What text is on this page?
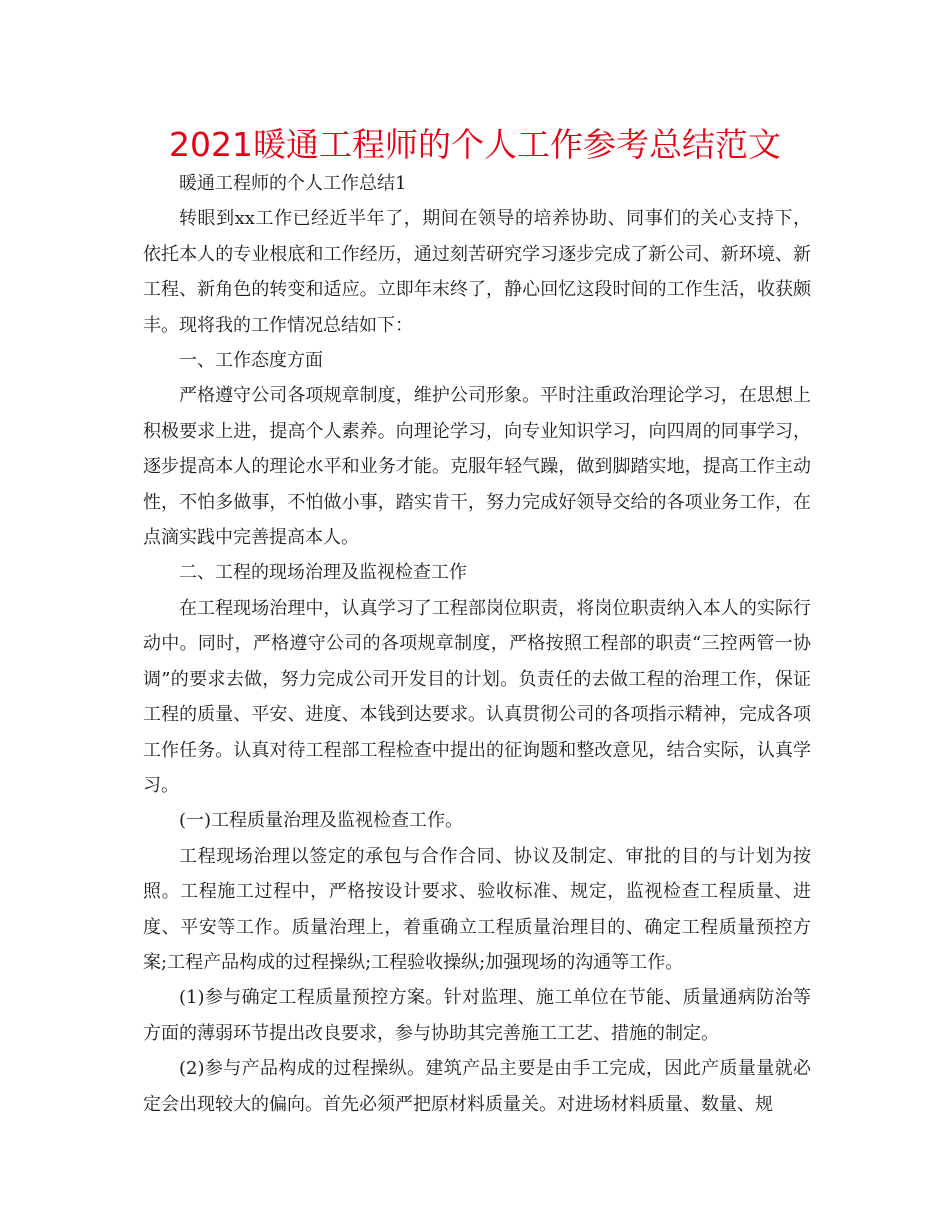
2021暖通工程师的个人工作参考总结范文

暖通工程师的个人工作总结1

转眼到xx工作已经近半年了，期间在领导的培养协助、同事们的关心支持下，依托本人的专业根底和工作经历，通过刻苦研究学习逐步完成了新公司、新环境、新工程、新角色的转变和适应。立即年末终了，静心回忆这段时间的工作生活，收获颇丰。现将我的工作情况总结如下：

一、工作态度方面

严格遵守公司各项规章制度，维护公司形象。平时注重政治理论学习，在思想上积极要求上进，提高个人素养。向理论学习，向专业知识学习，向四周的同事学习，逐步提高本人的理论水平和业务才能。克服年轻气躁，做到脚踏实地，提高工作主动性，不怕多做事，不怕做小事，踏实肯干，努力完成好领导交给的各项业务工作，在点滴实践中完善提高本人。

二、工程的现场治理及监视检查工作

在工程现场治理中，认真学习了工程部岗位职责，将岗位职责纳入本人的实际行动中。同时，严格遵守公司的各项规章制度，严格按照工程部的职责“三控两管一协调”的要求去做，努力完成公司开发目的计划。负责任的去做工程的治理工作，保证工程的质量、平安、进度、本钱到达要求。认真贯彻公司的各项指示精神，完成各项工作任务。认真对待工程部工程检查中提出的征询题和整改意见，结合实际，认真学习。

(一)工程质量治理及监视检查工作。

工程现场治理以签定的承包与合作合同、协议及制定、审批的目的与计划为按照。工程施工过程中，严格按设计要求、验收标准、规定，监视检查工程质量、进度、平安等工作。质量治理上，着重确立工程质量治理目的、确定工程质量预控方案;工程产品构成的过程操纵;工程验收操纵;加强现场的沟通等工作。

(1)参与确定工程质量预控方案。针对监理、施工单位在节能、质量通病防治等方面的薄弱环节提出改良要求，参与协助其完善施工工艺、措施的制定。

(2)参与产品构成的过程操纵。建筑产品主要是由手工完成，因此产质量量就必定会出现较大的偏向。首先必须严把原材料质量关。对进场材料质量、数量、规
